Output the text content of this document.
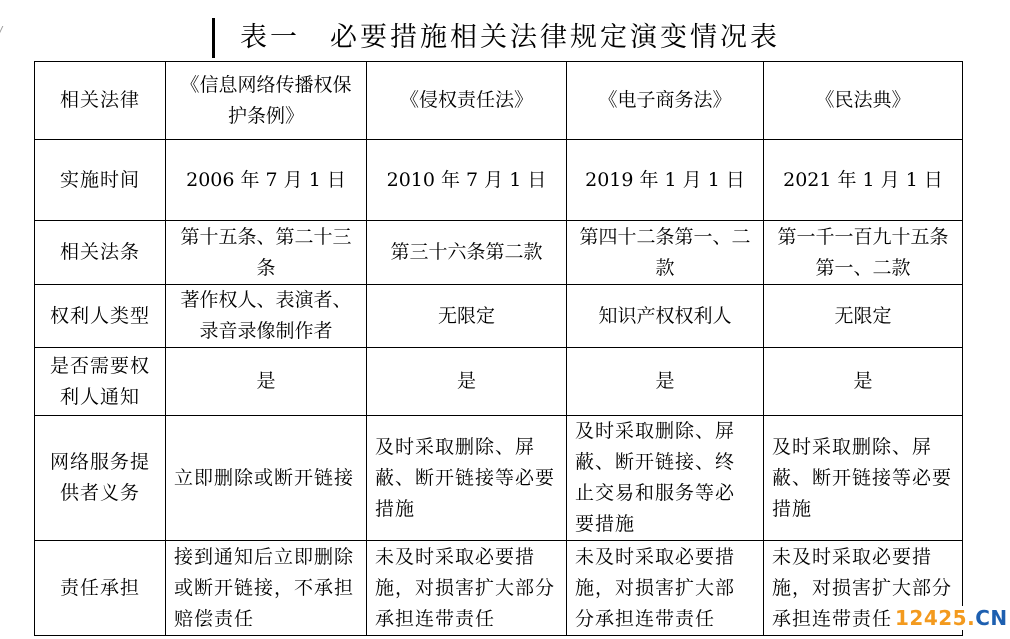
表一　必要措施相关法律规定演变情况表
相关法律	《信息网络传播权保护条例》	《侵权责任法》	《电子商务法》	《民法典》
实施时间	2006 年 7 月 1 日	2010 年 7 月 1 日	2019 年 1 月 1 日	2021 年 1 月 1 日
相关法条	第十五条、第二十三条	第三十六条第二款	第四十二条第一、二款	第一千一百九十五条第一、二款
权利人类型	著作权人、表演者、录音录像制作者	无限定	知识产权权利人	无限定
是否需要权利人通知	是	是	是	是
网络服务提供者义务	立即删除或断开链接	及时采取删除、屏蔽、断开链接等必要措施	及时采取删除、屏蔽、断开链接、终止交易和服务等必要措施	及时采取删除、屏蔽、断开链接等必要措施
责任承担	接到通知后立即删除或断开链接，不承担赔偿责任	未及时采取必要措施，对损害扩大部分承担连带责任	未及时采取必要措施，对损害扩大部分承担连带责任	未及时采取必要措施，对损害扩大部分承担连带责任 12425.CN
